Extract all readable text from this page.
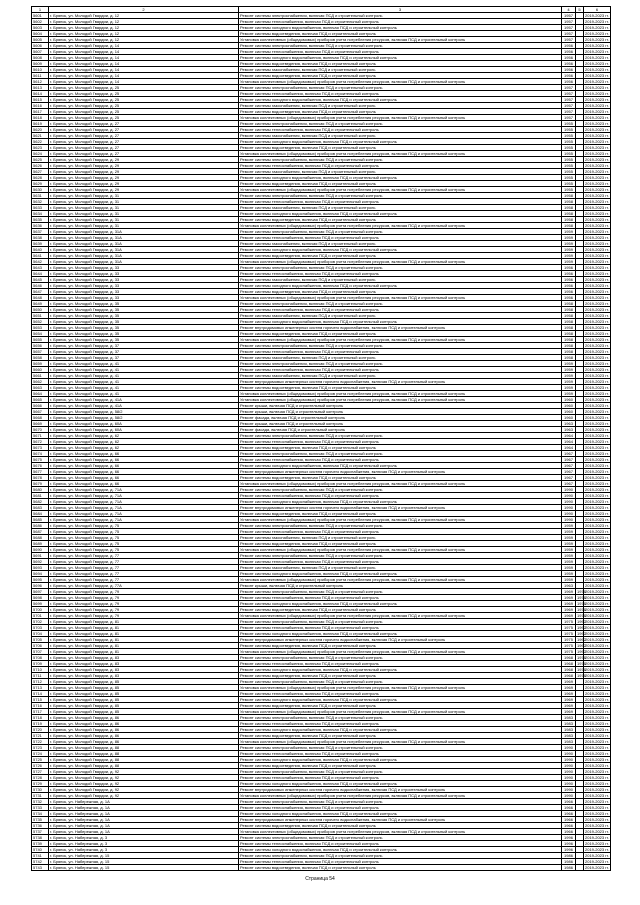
1	2	3	4	5	6
5601	г. Брянск, ул. Молодой Гвардии, д. 12	Ремонт системы электроснабжения, включая ПСД и строительный контроль	1957		2019-2023 гг.
5602	г. Брянск, ул. Молодой Гвардии, д. 12	Ремонт системы теплоснабжения, включая ПСД и строительный контроль	1957		2019-2023 гг.
5603	г. Брянск, ул. Молодой Гвардии, д. 12	Ремонт системы холодного водоснабжения, включая ПСД и строительный контроль	1957		2019-2023 гг.
5604	г. Брянск, ул. Молодой Гвардии, д. 12	Ремонт системы водоотведения, включая ПСД и строительный контроль	1957		2019-2023 гг.
5605	г. Брянск, ул. Молодой Гвардии, д. 12	Установка коллективных (общедомовых) приборов учета потребления ресурсов, включая ПСД и строительный контроль	1957		2019-2023 гг.
5606	г. Брянск, ул. Молодой Гвардии, д. 14	Ремонт системы электроснабжения, включая ПСД и строительный контроль	1956		2019-2023 гг.
5607	г. Брянск, ул. Молодой Гвардии, д. 14	Ремонт системы теплоснабжения, включая ПСД и строительный контроль	1956		2019-2023 гг.
5608	г. Брянск, ул. Молодой Гвардии, д. 14	Ремонт системы холодного водоснабжения, включая ПСД и строительный контроль	1956		2019-2023 гг.
5609	г. Брянск, ул. Молодой Гвардии, д. 14	Ремонт системы водоотведения, включая ПСД и строительный контроль	1956		2019-2023 гг.
5610	г. Брянск, ул. Молодой Гвардии, д. 14	Ремонт системы газоснабжения, включая ПСД и строительный контроль	1956		2019-2023 гг.
5611	г. Брянск, ул. Молодой Гвардии, д. 14	Ремонт системы водоотведения, включая ПСД и строительный контроль	1956		2019-2023 гг.
5612	г. Брянск, ул. Молодой Гвардии, д. 14	Установка коллективных (общедомовых) приборов учета потребления ресурсов, включая ПСД и строительный контроль	1956		2019-2023 гг.
5613	г. Брянск, ул. Молодой Гвардии, д. 25	Ремонт системы электроснабжения, включая ПСД и строительный контроль	1957		2019-2023 гг.
5614	г. Брянск, ул. Молодой Гвардии, д. 25	Ремонт системы теплоснабжения, включая ПСД и строительный контроль	1957		2019-2023 гг.
5615	г. Брянск, ул. Молодой Гвардии, д. 25	Ремонт системы холодного водоснабжения, включая ПСД и строительный контроль	1957		2019-2023 гг.
5616	г. Брянск, ул. Молодой Гвардии, д. 25	Ремонт системы газоснабжения, включая ПСД и строительный контроль	1957		2019-2023 гг.
5617	г. Брянск, ул. Молодой Гвардии, д. 25	Ремонт системы водоотведения, включая ПСД и строительный контроль	1957		2019-2023 гг.
5618	г. Брянск, ул. Молодой Гвардии, д. 25	Установка коллективных (общедомовых) приборов учета потребления ресурсов, включая ПСД и строительный контроль	1957		2019-2023 гг.
5619	г. Брянск, ул. Молодой Гвардии, д. 27	Ремонт системы электроснабжения, включая ПСД и строительный контроль	1955		2019-2023 гг.
5620	г. Брянск, ул. Молодой Гвардии, д. 27	Ремонт системы теплоснабжения, включая ПСД и строительный контроль	1955		2019-2023 гг.
5621	г. Брянск, ул. Молодой Гвардии, д. 27	Ремонт системы газоснабжения, включая ПСД и строительный контроль	1955		2019-2023 гг.
5622	г. Брянск, ул. Молодой Гвардии, д. 27	Ремонт системы холодного водоснабжения, включая ПСД и строительный контроль	1955		2019-2023 гг.
5623	г. Брянск, ул. Молодой Гвардии, д. 27	Ремонт системы водоотведения, включая ПСД и строительный контроль	1955		2019-2023 гг.
5624	г. Брянск, ул. Молодой Гвардии, д. 27	Установка коллективных (общедомовых) приборов учета потребления ресурсов, включая ПСД и строительный контроль	1955		2019-2023 гг.
5625	г. Брянск, ул. Молодой Гвардии, д. 29	Ремонт системы электроснабжения, включая ПСД и строительный контроль	1955		2019-2023 гг.
5626	г. Брянск, ул. Молодой Гвардии, д. 29	Ремонт системы теплоснабжения, включая ПСД и строительный контроль	1955		2019-2023 гг.
5627	г. Брянск, ул. Молодой Гвардии, д. 29	Ремонт системы газоснабжения, включая ПСД и строительный контроль	1955		2019-2023 гг.
5628	г. Брянск, ул. Молодой Гвардии, д. 29	Ремонт системы холодного водоснабжения, включая ПСД и строительный контроль	1955		2019-2023 гг.
5629	г. Брянск, ул. Молодой Гвардии, д. 29	Ремонт системы водоотведения, включая ПСД и строительный контроль	1955		2019-2023 гг.
5630	г. Брянск, ул. Молодой Гвардии, д. 29	Установка коллективных (общедомовых) приборов учета потребления ресурсов, включая ПСД и строительный контроль	1955		2019-2023 гг.
5631	г. Брянск, ул. Молодой Гвардии, д. 31	Ремонт системы электроснабжения, включая ПСД и строительный контроль	1958		2019-2023 гг.
5632	г. Брянск, ул. Молодой Гвардии, д. 31	Ремонт системы теплоснабжения, включая ПСД и строительный контроль	1958		2019-2023 гг.
5633	г. Брянск, ул. Молодой Гвардии, д. 31	Ремонт системы газоснабжения, включая ПСД и строительный контроль	1958		2019-2023 гг.
5634	г. Брянск, ул. Молодой Гвардии, д. 31	Ремонт системы холодного водоснабжения, включая ПСД и строительный контроль	1958		2019-2023 гг.
5635	г. Брянск, ул. Молодой Гвардии, д. 31	Ремонт системы водоотведения, включая ПСД и строительный контроль	1958		2019-2023 гг.
5636	г. Брянск, ул. Молодой Гвардии, д. 31	Установка коллективных (общедомовых) приборов учета потребления ресурсов, включая ПСД и строительный контроль	1958		2019-2023 гг.
5637	г. Брянск, ул. Молодой Гвардии, д. 31А	Ремонт системы электроснабжения, включая ПСД и строительный контроль	1959		2019-2023 гг.
5638	г. Брянск, ул. Молодой Гвардии, д. 31А	Ремонт системы теплоснабжения, включая ПСД и строительный контроль	1959		2019-2023 гг.
5639	г. Брянск, ул. Молодой Гвардии, д. 31А	Ремонт системы газоснабжения, включая ПСД и строительный контроль	1959		2019-2023 гг.
5640	г. Брянск, ул. Молодой Гвардии, д. 31А	Ремонт системы холодного водоснабжения, включая ПСД и строительный контроль	1959		2019-2023 гг.
5641	г. Брянск, ул. Молодой Гвардии, д. 31А	Ремонт системы водоотведения, включая ПСД и строительный контроль	1959		2019-2023 гг.
5642	г. Брянск, ул. Молодой Гвардии, д. 31А	Установка коллективных (общедомовых) приборов учета потребления ресурсов, включая ПСД и строительный контроль	1959		2019-2023 гг.
5643	г. Брянск, ул. Молодой Гвардии, д. 33	Ремонт системы электроснабжения, включая ПСД и строительный контроль	1956		2019-2023 гг.
5644	г. Брянск, ул. Молодой Гвардии, д. 33	Ремонт системы теплоснабжения, включая ПСД и строительный контроль	1956		2019-2023 гг.
5645	г. Брянск, ул. Молодой Гвардии, д. 33	Ремонт системы газоснабжения, включая ПСД и строительный контроль	1956		2019-2023 гг.
5646	г. Брянск, ул. Молодой Гвардии, д. 33	Ремонт системы холодного водоснабжения, включая ПСД и строительный контроль	1956		2019-2023 гг.
5647	г. Брянск, ул. Молодой Гвардии, д. 33	Ремонт системы водоотведения, включая ПСД и строительный контроль	1956		2019-2023 гг.
5648	г. Брянск, ул. Молодой Гвардии, д. 33	Установка коллективных (общедомовых) приборов учета потребления ресурсов, включая ПСД и строительный контроль	1956		2019-2023 гг.
5649	г. Брянск, ул. Молодой Гвардии, д. 35	Ремонт системы электроснабжения, включая ПСД и строительный контроль	1958		2019-2023 гг.
5650	г. Брянск, ул. Молодой Гвардии, д. 35	Ремонт системы теплоснабжения, включая ПСД и строительный контроль	1958		2019-2023 гг.
5651	г. Брянск, ул. Молодой Гвардии, д. 35	Ремонт системы газоснабжения, включая ПСД и строительный контроль	1958		2019-2023 гг.
5652	г. Брянск, ул. Молодой Гвардии, д. 35	Ремонт системы холодного водоснабжения, включая ПСД и строительный контроль	1958		2019-2023 гг.
5653	г. Брянск, ул. Молодой Гвардии, д. 35	Ремонт внутридомовых инженерных систем горячего водоснабжения, включая ПСД и строительный контроль	1958		2019-2023 гг.
5654	г. Брянск, ул. Молодой Гвардии, д. 35	Ремонт системы водоотведения, включая ПСД и строительный контроль	1958		2019-2023 гг.
5655	г. Брянск, ул. Молодой Гвардии, д. 35	Установка коллективных (общедомовых) приборов учета потребления ресурсов, включая ПСД и строительный контроль	1958		2019-2023 гг.
5656	г. Брянск, ул. Молодой Гвардии, д. 37	Ремонт системы электроснабжения, включая ПСД и строительный контроль	1958		2019-2023 гг.
5657	г. Брянск, ул. Молодой Гвардии, д. 37	Ремонт системы теплоснабжения, включая ПСД и строительный контроль	1958		2019-2023 гг.
5658	г. Брянск, ул. Молодой Гвардии, д. 37	Ремонт системы газоснабжения, включая ПСД и строительный контроль	1958		2019-2023 гг.
5659	г. Брянск, ул. Молодой Гвардии, д. 41	Ремонт системы электроснабжения, включая ПСД и строительный контроль	1959		2019-2023 гг.
5660	г. Брянск, ул. Молодой Гвардии, д. 41	Ремонт системы теплоснабжения, включая ПСД и строительный контроль	1959		2019-2023 гг.
5661	г. Брянск, ул. Молодой Гвардии, д. 41	Ремонт системы газоснабжения, включая ПСД и строительный контроль	1959		2019-2023 гг.
5662	г. Брянск, ул. Молодой Гвардии, д. 41	Ремонт внутридомовых инженерных систем горячего водоснабжения, включая ПСД и строительный контроль	1959		2019-2023 гг.
5663	г. Брянск, ул. Молодой Гвардии, д. 41	Ремонт системы водоотведения, включая ПСД и строительный контроль	1959		2019-2023 гг.
5664	г. Брянск, ул. Молодой Гвардии, д. 41	Установка коллективных (общедомовых) приборов учета потребления ресурсов, включая ПСД и строительный контроль	1959		2019-2023 гг.
5665	г. Брянск, ул. Молодой Гвардии, д. 41А	Установка коллективных (общедомовых) приборов учета потребления ресурсов, включая ПСД и строительный контроль	1960		2019-2023 гг.
5666	г. Брянск, ул. Молодой Гвардии, д. 41А	Ремонт крыши, включая ПСД и строительный контроль	1960		2019-2023 гг.
5667	г. Брянск, ул. Молодой Гвардии, д. 58/2	Ремонт крыши, включая ПСД и строительный контроль	1960		2019-2023 гг.
5668	г. Брянск, ул. Молодой Гвардии, д. 58/2	Ремонт фасада, включая ПСД и строительный контроль	1960		2019-2023 гг.
5669	г. Брянск, ул. Молодой Гвардии, д. 60А	Ремонт крыши, включая ПСД и строительный контроль	1963		2019-2023 гг.
5670	г. Брянск, ул. Молодой Гвардии, д. 60А	Ремонт фасада, включая ПСД и строительный контроль	1963		2019-2023 гг.
5671	г. Брянск, ул. Молодой Гвардии, д. 62	Ремонт системы электроснабжения, включая ПСД и строительный контроль	1964		2019-2023 гг.
5672	г. Брянск, ул. Молодой Гвардии, д. 62	Ремонт системы теплоснабжения, включая ПСД и строительный контроль	1964		2019-2023 гг.
5673	г. Брянск, ул. Молодой Гвардии, д. 62	Ремонт системы водоотведения, включая ПСД и строительный контроль	1964		2019-2023 гг.
5674	г. Брянск, ул. Молодой Гвардии, д. 66	Ремонт системы электроснабжения, включая ПСД и строительный контроль	1967		2019-2023 гг.
5675	г. Брянск, ул. Молодой Гвардии, д. 66	Ремонт системы теплоснабжения, включая ПСД и строительный контроль	1967		2019-2023 гг.
5676	г. Брянск, ул. Молодой Гвардии, д. 66	Ремонт системы холодного водоснабжения, включая ПСД и строительный контроль	1967		2019-2023 гг.
5677	г. Брянск, ул. Молодой Гвардии, д. 66	Ремонт внутридомовых инженерных систем горячего водоснабжения, включая ПСД и строительный контроль	1967		2019-2023 гг.
5678	г. Брянск, ул. Молодой Гвардии, д. 66	Ремонт системы водоотведения, включая ПСД и строительный контроль	1967		2019-2023 гг.
5679	г. Брянск, ул. Молодой Гвардии, д. 66	Установка коллективных (общедомовых) приборов учета потребления ресурсов, включая ПСД и строительный контроль	1967		2019-2023 гг.
5680	г. Брянск, ул. Молодой Гвардии, д. 71А	Ремонт системы электроснабжения, включая ПСД и строительный контроль	1990		2019-2023 гг.
5681	г. Брянск, ул. Молодой Гвардии, д. 71А	Ремонт системы теплоснабжения, включая ПСД и строительный контроль	1990		2019-2023 гг.
5682	г. Брянск, ул. Молодой Гвардии, д. 71А	Ремонт системы холодного водоснабжения, включая ПСД и строительный контроль	1990		2019-2023 гг.
5683	г. Брянск, ул. Молодой Гвардии, д. 71А	Ремонт внутридомовых инженерных систем горячего водоснабжения, включая ПСД и строительный контроль	1990		2019-2023 гг.
5684	г. Брянск, ул. Молодой Гвардии, д. 71А	Ремонт системы водоотведения, включая ПСД и строительный контроль	1990		2019-2023 гг.
5685	г. Брянск, ул. Молодой Гвардии, д. 71А	Установка коллективных (общедомовых) приборов учета потребления ресурсов, включая ПСД и строительный контроль	1990		2019-2023 гг.
5686	г. Брянск, ул. Молодой Гвардии, д. 75	Ремонт системы электроснабжения, включая ПСД и строительный контроль	1959		2019-2023 гг.
5687	г. Брянск, ул. Молодой Гвардии, д. 75	Ремонт системы теплоснабжения, включая ПСД и строительный контроль	1959		2019-2023 гг.
5688	г. Брянск, ул. Молодой Гвардии, д. 75	Ремонт системы газоснабжения, включая ПСД и строительный контроль	1959		2019-2023 гг.
5689	г. Брянск, ул. Молодой Гвардии, д. 75	Ремонт системы водоотведения, включая ПСД и строительный контроль	1959		2019-2023 гг.
5690	г. Брянск, ул. Молодой Гвардии, д. 75	Установка коллективных (общедомовых) приборов учета потребления ресурсов, включая ПСД и строительный контроль	1959		2019-2023 гг.
5691	г. Брянск, ул. Молодой Гвардии, д. 77	Ремонт системы электроснабжения, включая ПСД и строительный контроль	1959		2019-2023 гг.
5692	г. Брянск, ул. Молодой Гвардии, д. 77	Ремонт системы теплоснабжения, включая ПСД и строительный контроль	1959		2019-2023 гг.
5693	г. Брянск, ул. Молодой Гвардии, д. 77	Ремонт системы газоснабжения, включая ПСД и строительный контроль	1959		2019-2023 гг.
5694	г. Брянск, ул. Молодой Гвардии, д. 77	Ремонт системы холодного водоснабжения, включая ПСД и строительный контроль	1959		2019-2023 гг.
5695	г. Брянск, ул. Молодой Гвардии, д. 77	Установка коллективных (общедомовых) приборов учета потребления ресурсов, включая ПСД и строительный контроль	1959		2019-2023 гг.
5696	г. Брянск, ул. Молодой Гвардии, д. 77А	Ремонт крыши, включая ПСД и строительный контроль	1963		2019-2023 гг.
5697	г. Брянск, ул. Молодой Гвардии, д. 79	Ремонт системы электроснабжения, включая ПСД и строительный контроль	1969	1976	2019-2023 гг.
5698	г. Брянск, ул. Молодой Гвардии, д. 79	Ремонт системы теплоснабжения, включая ПСД и строительный контроль	1969	1976	2019-2023 гг.
5699	г. Брянск, ул. Молодой Гвардии, д. 79	Ремонт системы холодного водоснабжения, включая ПСД и строительный контроль	1969	1976	2019-2023 гг.
5700	г. Брянск, ул. Молодой Гвардии, д. 79	Ремонт системы водоотведения, включая ПСД и строительный контроль	1969	1976	2019-2023 гг.
5701	г. Брянск, ул. Молодой Гвардии, д. 79	Установка коллективных (общедомовых) приборов учета потребления ресурсов, включая ПСД и строительный контроль	1969	1976	2019-2023 гг.
5702	г. Брянск, ул. Молодой Гвардии, д. 81	Ремонт системы электроснабжения, включая ПСД и строительный контроль	1975	1992	2019-2023 гг.
5703	г. Брянск, ул. Молодой Гвардии, д. 81	Ремонт системы теплоснабжения, включая ПСД и строительный контроль	1975	1992	2019-2023 гг.
5704	г. Брянск, ул. Молодой Гвардии, д. 81	Ремонт системы холодного водоснабжения, включая ПСД и строительный контроль	1975	1992	2019-2023 гг.
5705	г. Брянск, ул. Молодой Гвардии, д. 81	Ремонт внутридомовых инженерных систем горячего водоснабжения, включая ПСД и строительный контроль	1975	1992	2019-2023 гг.
5706	г. Брянск, ул. Молодой Гвардии, д. 81	Ремонт системы водоотведения, включая ПСД и строительный контроль	1975	1992	2019-2023 гг.
5707	г. Брянск, ул. Молодой Гвардии, д. 81	Установка коллективных (общедомовых) приборов учета потребления ресурсов, включая ПСД и строительный контроль	1975	1992	2019-2023 гг.
5708	г. Брянск, ул. Молодой Гвардии, д. 83	Ремонт системы электроснабжения, включая ПСД и строительный контроль	1968	1976	2019-2023 гг.
5709	г. Брянск, ул. Молодой Гвардии, д. 83	Ремонт системы теплоснабжения, включая ПСД и строительный контроль	1968	1976	2019-2023 гг.
5710	г. Брянск, ул. Молодой Гвардии, д. 83	Ремонт системы холодного водоснабжения, включая ПСД и строительный контроль	1968	1976	2019-2023 гг.
5711	г. Брянск, ул. Молодой Гвардии, д. 83	Ремонт системы водоотведения, включая ПСД и строительный контроль	1968	1976	2019-2023 гг.
5712	г. Брянск, ул. Молодой Гвардии, д. 85	Ремонт системы электроснабжения, включая ПСД и строительный контроль	1969		2019-2023 гг.
5713	г. Брянск, ул. Молодой Гвардии, д. 85	Установка коллективных (общедомовых) приборов учета потребления ресурсов, включая ПСД и строительный контроль	1969		2019-2023 гг.
5714	г. Брянск, ул. Молодой Гвардии, д. 85	Ремонт системы теплоснабжения, включая ПСД и строительный контроль	1969		2019-2023 гг.
5715	г. Брянск, ул. Молодой Гвардии, д. 85	Ремонт системы холодного водоснабжения, включая ПСД и строительный контроль	1969		2019-2023 гг.
5716	г. Брянск, ул. Молодой Гвардии, д. 85	Ремонт системы водоотведения, включая ПСД и строительный контроль	1969		2019-2023 гг.
5717	г. Брянск, ул. Молодой Гвардии, д. 85	Установка коллективных (общедомовых) приборов учета потребления ресурсов, включая ПСД и строительный контроль	1969		2019-2023 гг.
5718	г. Брянск, ул. Молодой Гвардии, д. 86	Ремонт системы электроснабжения, включая ПСД и строительный контроль	1983		2019-2023 гг.
5719	г. Брянск, ул. Молодой Гвардии, д. 86	Ремонт системы теплоснабжения, включая ПСД и строительный контроль	1983		2019-2023 гг.
5720	г. Брянск, ул. Молодой Гвардии, д. 86	Ремонт системы холодного водоснабжения, включая ПСД и строительный контроль	1983		2019-2023 гг.
5721	г. Брянск, ул. Молодой Гвардии, д. 86	Ремонт системы водоотведения, включая ПСД и строительный контроль	1983		2019-2023 гг.
5722	г. Брянск, ул. Молодой Гвардии, д. 86	Установка коллективных (общедомовых) приборов учета потребления ресурсов, включая ПСД и строительный контроль	1983		2019-2023 гг.
5723	г. Брянск, ул. Молодой Гвардии, д. 88	Ремонт системы электроснабжения, включая ПСД и строительный контроль	1990		2019-2023 гг.
5724	г. Брянск, ул. Молодой Гвардии, д. 88	Ремонт системы теплоснабжения, включая ПСД и строительный контроль	1990		2019-2023 гг.
5725	г. Брянск, ул. Молодой Гвардии, д. 88	Ремонт системы холодного водоснабжения, включая ПСД и строительный контроль	1990		2019-2023 гг.
5726	г. Брянск, ул. Молодой Гвардии, д. 88	Ремонт системы водоотведения, включая ПСД и строительный контроль	1990		2019-2023 гг.
5727	г. Брянск, ул. Молодой Гвардии, д. 92	Ремонт системы электроснабжения, включая ПСД и строительный контроль	1990		2019-2023 гг.
5728	г. Брянск, ул. Молодой Гвардии, д. 92	Ремонт системы теплоснабжения, включая ПСД и строительный контроль	1990		2019-2023 гг.
5729	г. Брянск, ул. Молодой Гвардии, д. 92	Ремонт системы холодного водоснабжения, включая ПСД и строительный контроль	1990		2019-2023 гг.
5730	г. Брянск, ул. Молодой Гвардии, д. 92	Ремонт внутридомовых инженерных систем горячего водоснабжения, включая ПСД и строительный контроль	1990		2019-2023 гг.
5731	г. Брянск, ул. Молодой Гвардии, д. 92	Установка коллективных (общедомовых) приборов учета потребления ресурсов, включая ПСД и строительный контроль	1990		2019-2023 гг.
5732	г. Брянск, ул. Набережная, д. 1А	Ремонт системы электроснабжения, включая ПСД и строительный контроль	1966		2019-2023 гг.
5733	г. Брянск, ул. Набережная, д. 1А	Ремонт системы теплоснабжения, включая ПСД и строительный контроль	1966		2019-2023 гг.
5734	г. Брянск, ул. Набережная, д. 1А	Ремонт системы холодного водоснабжения, включая ПСД и строительный контроль	1966		2019-2023 гг.
5735	г. Брянск, ул. Набережная, д. 1А	Ремонт внутридомовых инженерных систем горячего водоснабжения, включая ПСД и строительный контроль	1966		2019-2023 гг.
5736	г. Брянск, ул. Набережная, д. 1А	Ремонт системы водоотведения, включая ПСД и строительный контроль	1966		2019-2023 гг.
5737	г. Брянск, ул. Набережная, д. 1А	Установка коллективных (общедомовых) приборов учета потребления ресурсов, включая ПСД и строительный контроль	1966		2019-2023 гг.
5738	г. Брянск, ул. Набережная, д. 3	Ремонт системы электроснабжения, включая ПСД и строительный контроль	1996		2019-2023 гг.
5739	г. Брянск, ул. Набережная, д. 3	Ремонт системы теплоснабжения, включая ПСД и строительный контроль	1996		2019-2023 гг.
5740	г. Брянск, ул. Набережная, д. 3	Ремонт системы холодного водоснабжения, включая ПСД и строительный контроль	1996		2019-2023 гг.
5741	г. Брянск, ул. Набережная, д. 15	Ремонт системы электроснабжения, включая ПСД и строительный контроль	1986		2019-2023 гг.
5742	г. Брянск, ул. Набережная, д. 15	Ремонт системы теплоснабжения, включая ПСД и строительный контроль	1986		2019-2023 гг.
5743	г. Брянск, ул. Набережная, д. 15	Ремонт системы водоотведения, включая ПСД и строительный контроль	1986		2019-2023 гг.
Страница 54
